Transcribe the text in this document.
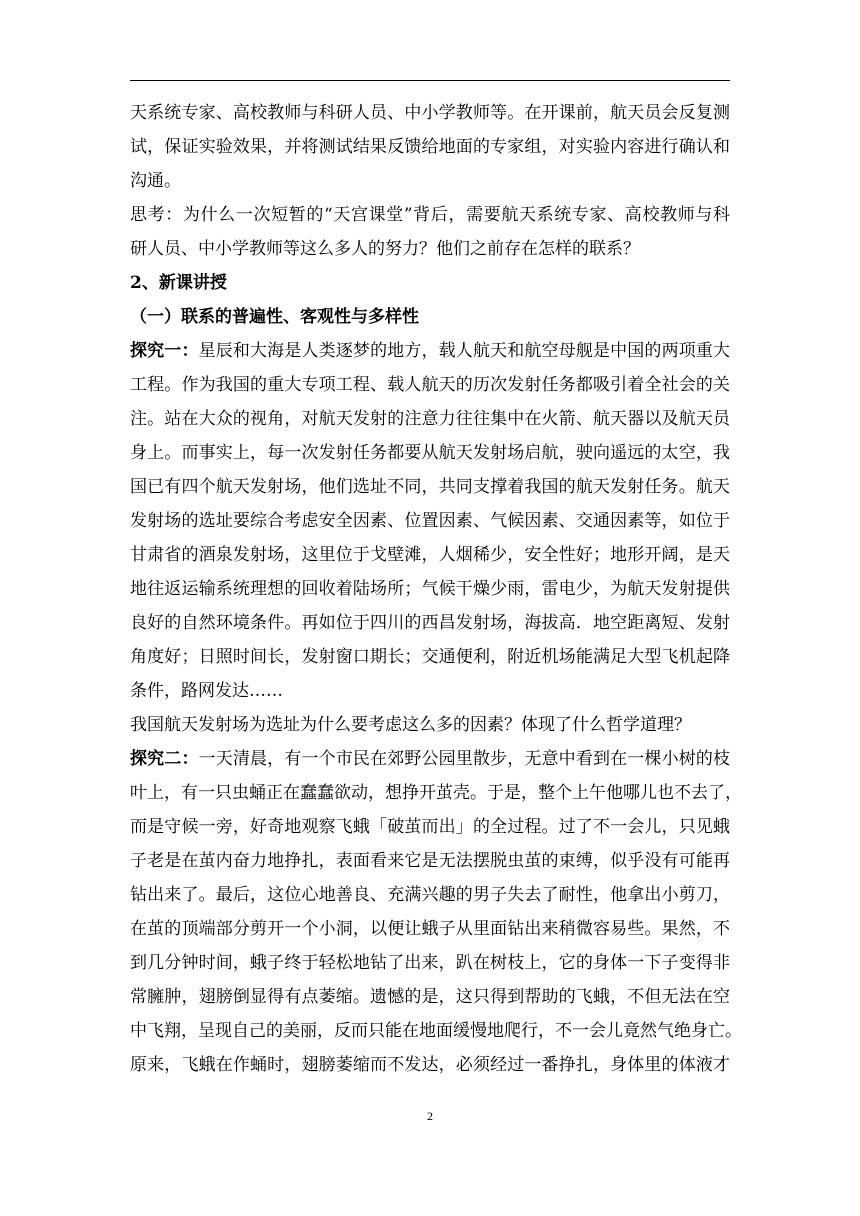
天系统专家、高校教师与科研人员、中小学教师等。在开课前，航天员会反复测
试，保证实验效果，并将测试结果反馈给地面的专家组，对实验内容进行确认和
沟通。
思考：为什么一次短暂的“天宫课堂”背后，需要航天系统专家、高校教师与科
研人员、中小学教师等这么多人的努力？他们之前存在怎样的联系？
2、新课讲授
（一）联系的普遍性、客观性与多样性
探究一：星辰和大海是人类逐梦的地方，载人航天和航空母舰是中国的两项重大
工程。作为我国的重大专项工程、载人航天的历次发射任务都吸引着全社会的关
注。站在大众的视角，对航天发射的注意力往往集中在火箭、航天器以及航天员
身上。而事实上，每一次发射任务都要从航天发射场启航，驶向遥远的太空，我
国已有四个航天发射场，他们选址不同，共同支撑着我国的航天发射任务。航天
发射场的选址要综合考虑安全因素、位置因素、气候因素、交通因素等，如位于
甘肃省的酒泉发射场，这里位于戈壁滩，人烟稀少，安全性好；地形开阔，是天
地往返运输系统理想的回收着陆场所；气候干燥少雨，雷电少，为航天发射提供
良好的自然环境条件。再如位于四川的西昌发射场，海拔高．地空距离短、发射
角度好；日照时间长，发射窗口期长；交通便利，附近机场能满足大型飞机起降
条件，路网发达……
我国航天发射场为选址为什么要考虑这么多的因素？体现了什么哲学道理？
探究二：一天清晨，有一个市民在郊野公园里散步，无意中看到在一棵小树的枝
叶上，有一只虫蛹正在蠢蠢欲动，想挣开茧壳。于是，整个上午他哪儿也不去了，
而是守候一旁，好奇地观察飞蛾「破茧而出」的全过程。过了不一会儿，只见蛾
子老是在茧内奋力地挣扎，表面看来它是无法摆脱虫茧的束缚，似乎没有可能再
钻出来了。最后，这位心地善良、充满兴趣的男子失去了耐性，他拿出小剪刀，
在茧的顶端部分剪开一个小洞，以便让蛾子从里面钻出来稍微容易些。果然，不
到几分钟时间，蛾子终于轻松地钻了出来，趴在树枝上，它的身体一下子变得非
常臃肿，翅膀倒显得有点萎缩。遗憾的是，这只得到帮助的飞蛾，不但无法在空
中飞翔，呈现自己的美丽，反而只能在地面缓慢地爬行，不一会儿竟然气绝身亡。
原来，飞蛾在作蛹时，翅膀萎缩而不发达，必须经过一番挣扎，身体里的体液才
2
